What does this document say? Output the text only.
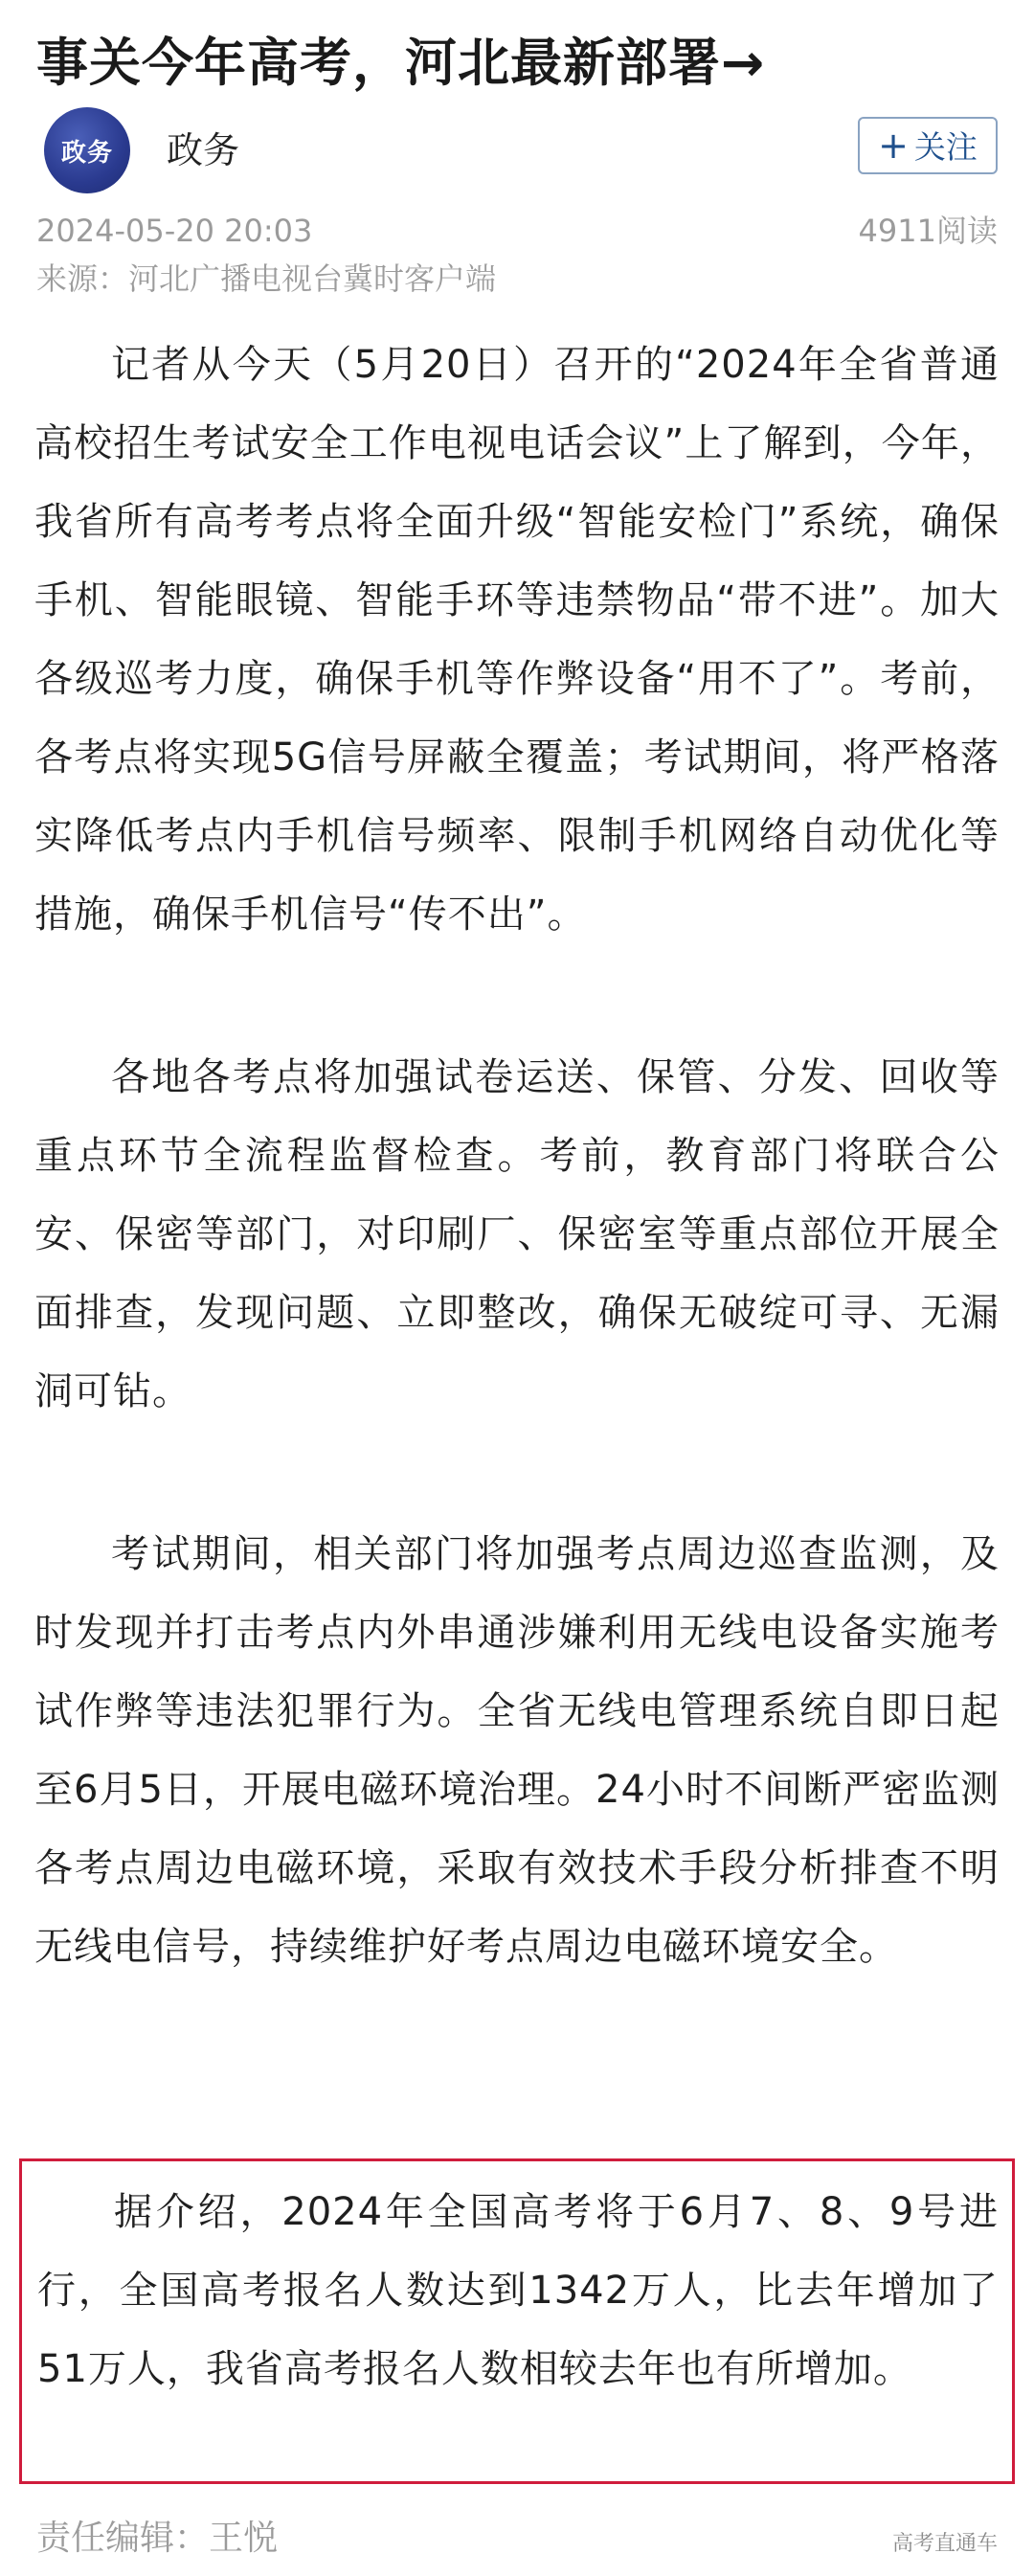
事关今年高考，河北最新部署→
政务	政务	+ 关注
2024-05-20 20:03	4911阅读
来源：河北广播电视台冀时客户端

记者从今天（5月20日）召开的“2024年全省普通高校招生考试安全工作电视电话会议”上了解到，今年，我省所有高考考点将全面升级“智能安检门”系统，确保手机、智能眼镜、智能手环等违禁物品“带不进”。加大各级巡考力度，确保手机等作弊设备“用不了”。考前，各考点将实现5G信号屏蔽全覆盖；考试期间，将严格落实降低考点内手机信号频率、限制手机网络自动优化等措施，确保手机信号“传不出”。

各地各考点将加强试卷运送、保管、分发、回收等重点环节全流程监督检查。考前，教育部门将联合公安、保密等部门，对印刷厂、保密室等重点部位开展全面排查，发现问题、立即整改，确保无破绽可寻、无漏洞可钻。

考试期间，相关部门将加强考点周边巡查监测，及时发现并打击考点内外串通涉嫌利用无线电设备实施考试作弊等违法犯罪行为。全省无线电管理系统自即日起至6月5日，开展电磁环境治理。24小时不间断严密监测各考点周边电磁环境，采取有效技术手段分析排查不明无线电信号，持续维护好考点周边电磁环境安全。

据介绍，2024年全国高考将于6月7、8、9号进行，全国高考报名人数达到1342万人，比去年增加了51万人，我省高考报名人数相较去年也有所增加。

责任编辑：王悦	高考直通车
